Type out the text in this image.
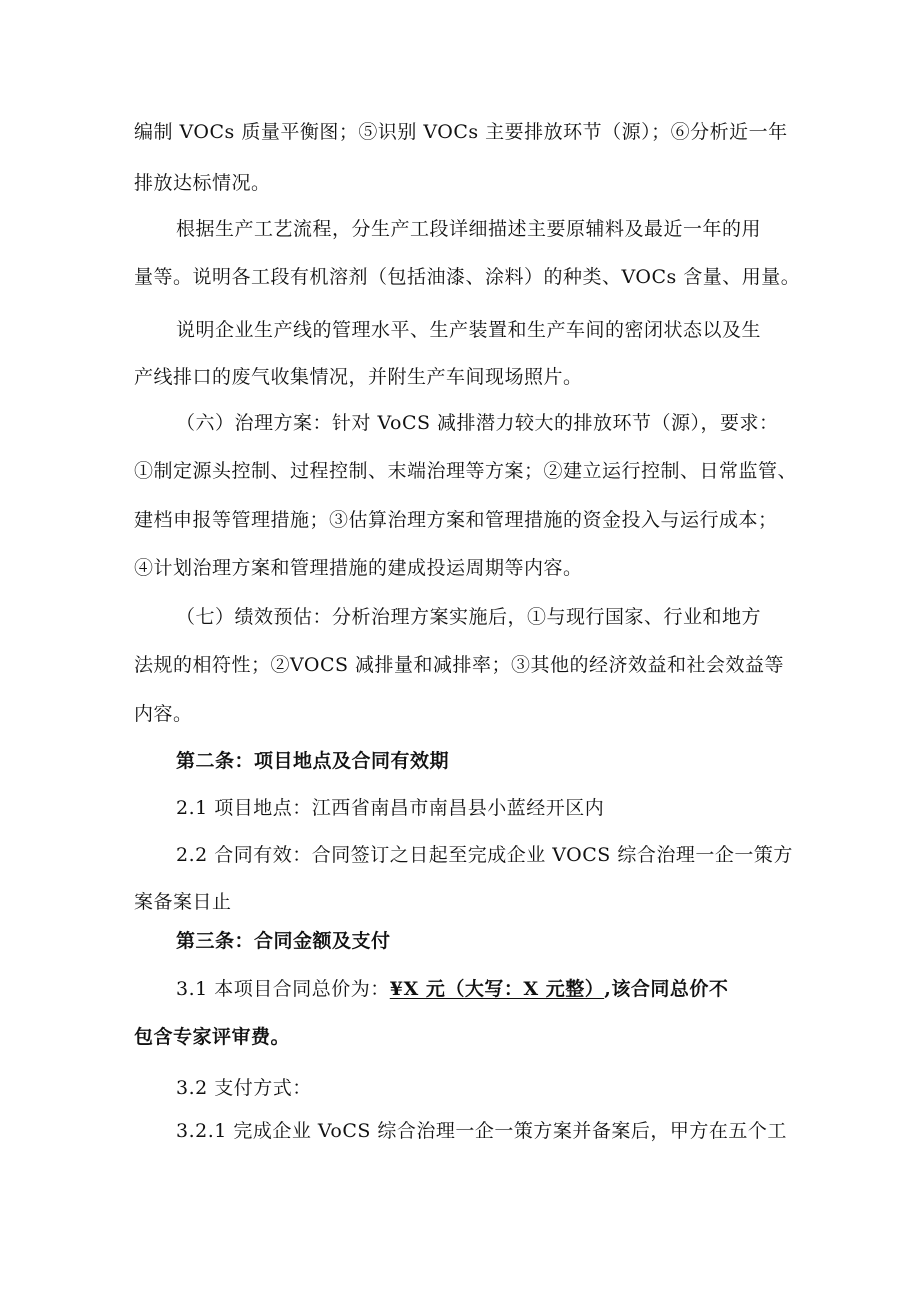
编制 VOCs 质量平衡图；⑤识别 VOCs 主要排放环节（源）；⑥分析近一年
排放达标情况。
根据生产工艺流程，分生产工段详细描述主要原辅料及最近一年的用
量等。说明各工段有机溶剂（包括油漆、涂料）的种类、VOCs 含量、用量。
说明企业生产线的管理水平、生产装置和生产车间的密闭状态以及生
产线排口的废气收集情况，并附生产车间现场照片。
（六）治理方案：针对 VoCS 减排潜力较大的排放环节（源），要求：
①制定源头控制、过程控制、末端治理等方案；②建立运行控制、日常监管、
建档申报等管理措施；③估算治理方案和管理措施的资金投入与运行成本；
④计划治理方案和管理措施的建成投运周期等内容。
（七）绩效预估：分析治理方案实施后，①与现行国家、行业和地方
法规的相符性；②VOCS 减排量和减排率；③其他的经济效益和社会效益等
内容。
第二条：项目地点及合同有效期
2.1 项目地点：江西省南昌市南昌县小蓝经开区内
2.2 合同有效：合同签订之日起至完成企业 VOCS 综合治理一企一策方
案备案日止
第三条：合同金额及支付
3.1 本项目合同总价为：¥X 元（大写：X 元整）,该合同总价不
包含专家评审费。
3.2 支付方式：
3.2.1 完成企业 VoCS 综合治理一企一策方案并备案后，甲方在五个工
